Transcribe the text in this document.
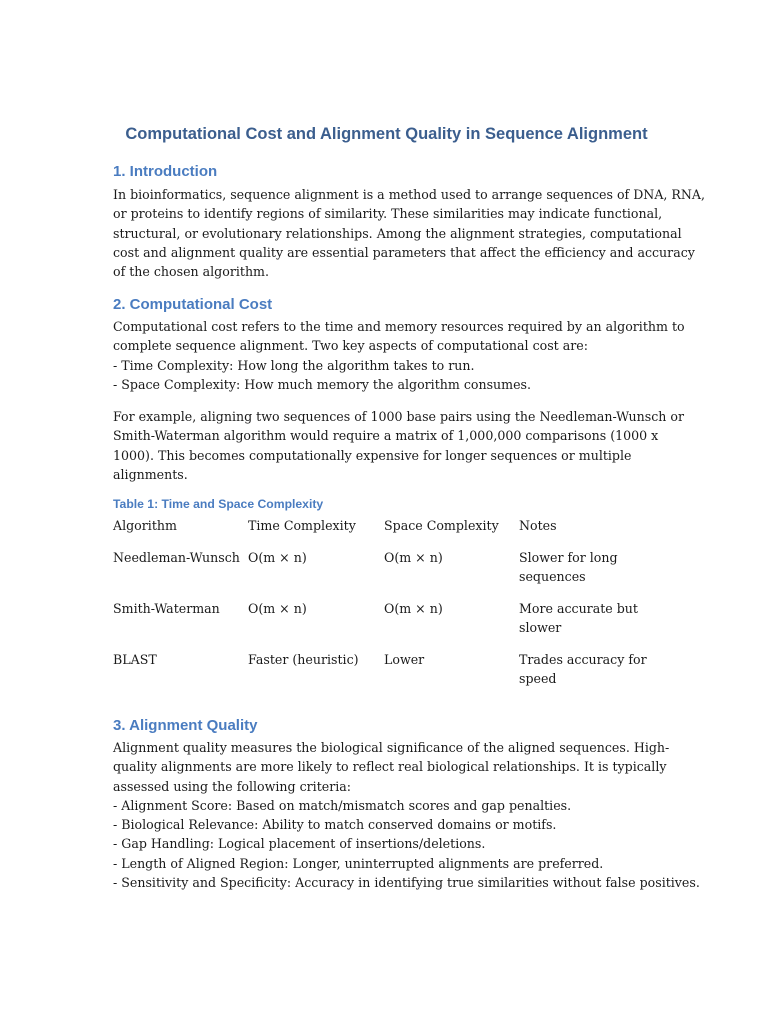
Computational Cost and Alignment Quality in Sequence Alignment
1. Introduction

In bioinformatics, sequence alignment is a method used to arrange sequences of DNA, RNA,
or proteins to identify regions of similarity. These similarities may indicate functional,
structural, or evolutionary relationships. Among the alignment strategies, computational
cost and alignment quality are essential parameters that affect the efficiency and accuracy
of the chosen algorithm.

2. Computational Cost

Computational cost refers to the time and memory resources required by an algorithm to
complete sequence alignment. Two key aspects of computational cost are:
- Time Complexity: How long the algorithm takes to run.
- Space Complexity: How much memory the algorithm consumes.

For example, aligning two sequences of 1000 base pairs using the Needleman-Wunsch or
Smith-Waterman algorithm would require a matrix of 1,000,000 comparisons (1000 x
1000). This becomes computationally expensive for longer sequences or multiple
alignments.

Table 1: Time and Space Complexity
Algorithm	Time Complexity	Space Complexity	Notes
Needleman-Wunsch O(m × n)	O(m × n)	Slower for long
sequences
Smith-Waterman	O(m × n)	O(m × n)	More accurate but
slower
BLAST	Faster (heuristic)	Lower	Trades accuracy for
speed
3. Alignment Quality

Alignment quality measures the biological significance of the aligned sequences. High-
quality alignments are more likely to reflect real biological relationships. It is typically
assessed using the following criteria:
- Alignment Score: Based on match/mismatch scores and gap penalties.
- Biological Relevance: Ability to match conserved domains or motifs.
- Gap Handling: Logical placement of insertions/deletions.
- Length of Aligned Region: Longer, uninterrupted alignments are preferred.
- Sensitivity and Specificity: Accuracy in identifying true similarities without false positives.
